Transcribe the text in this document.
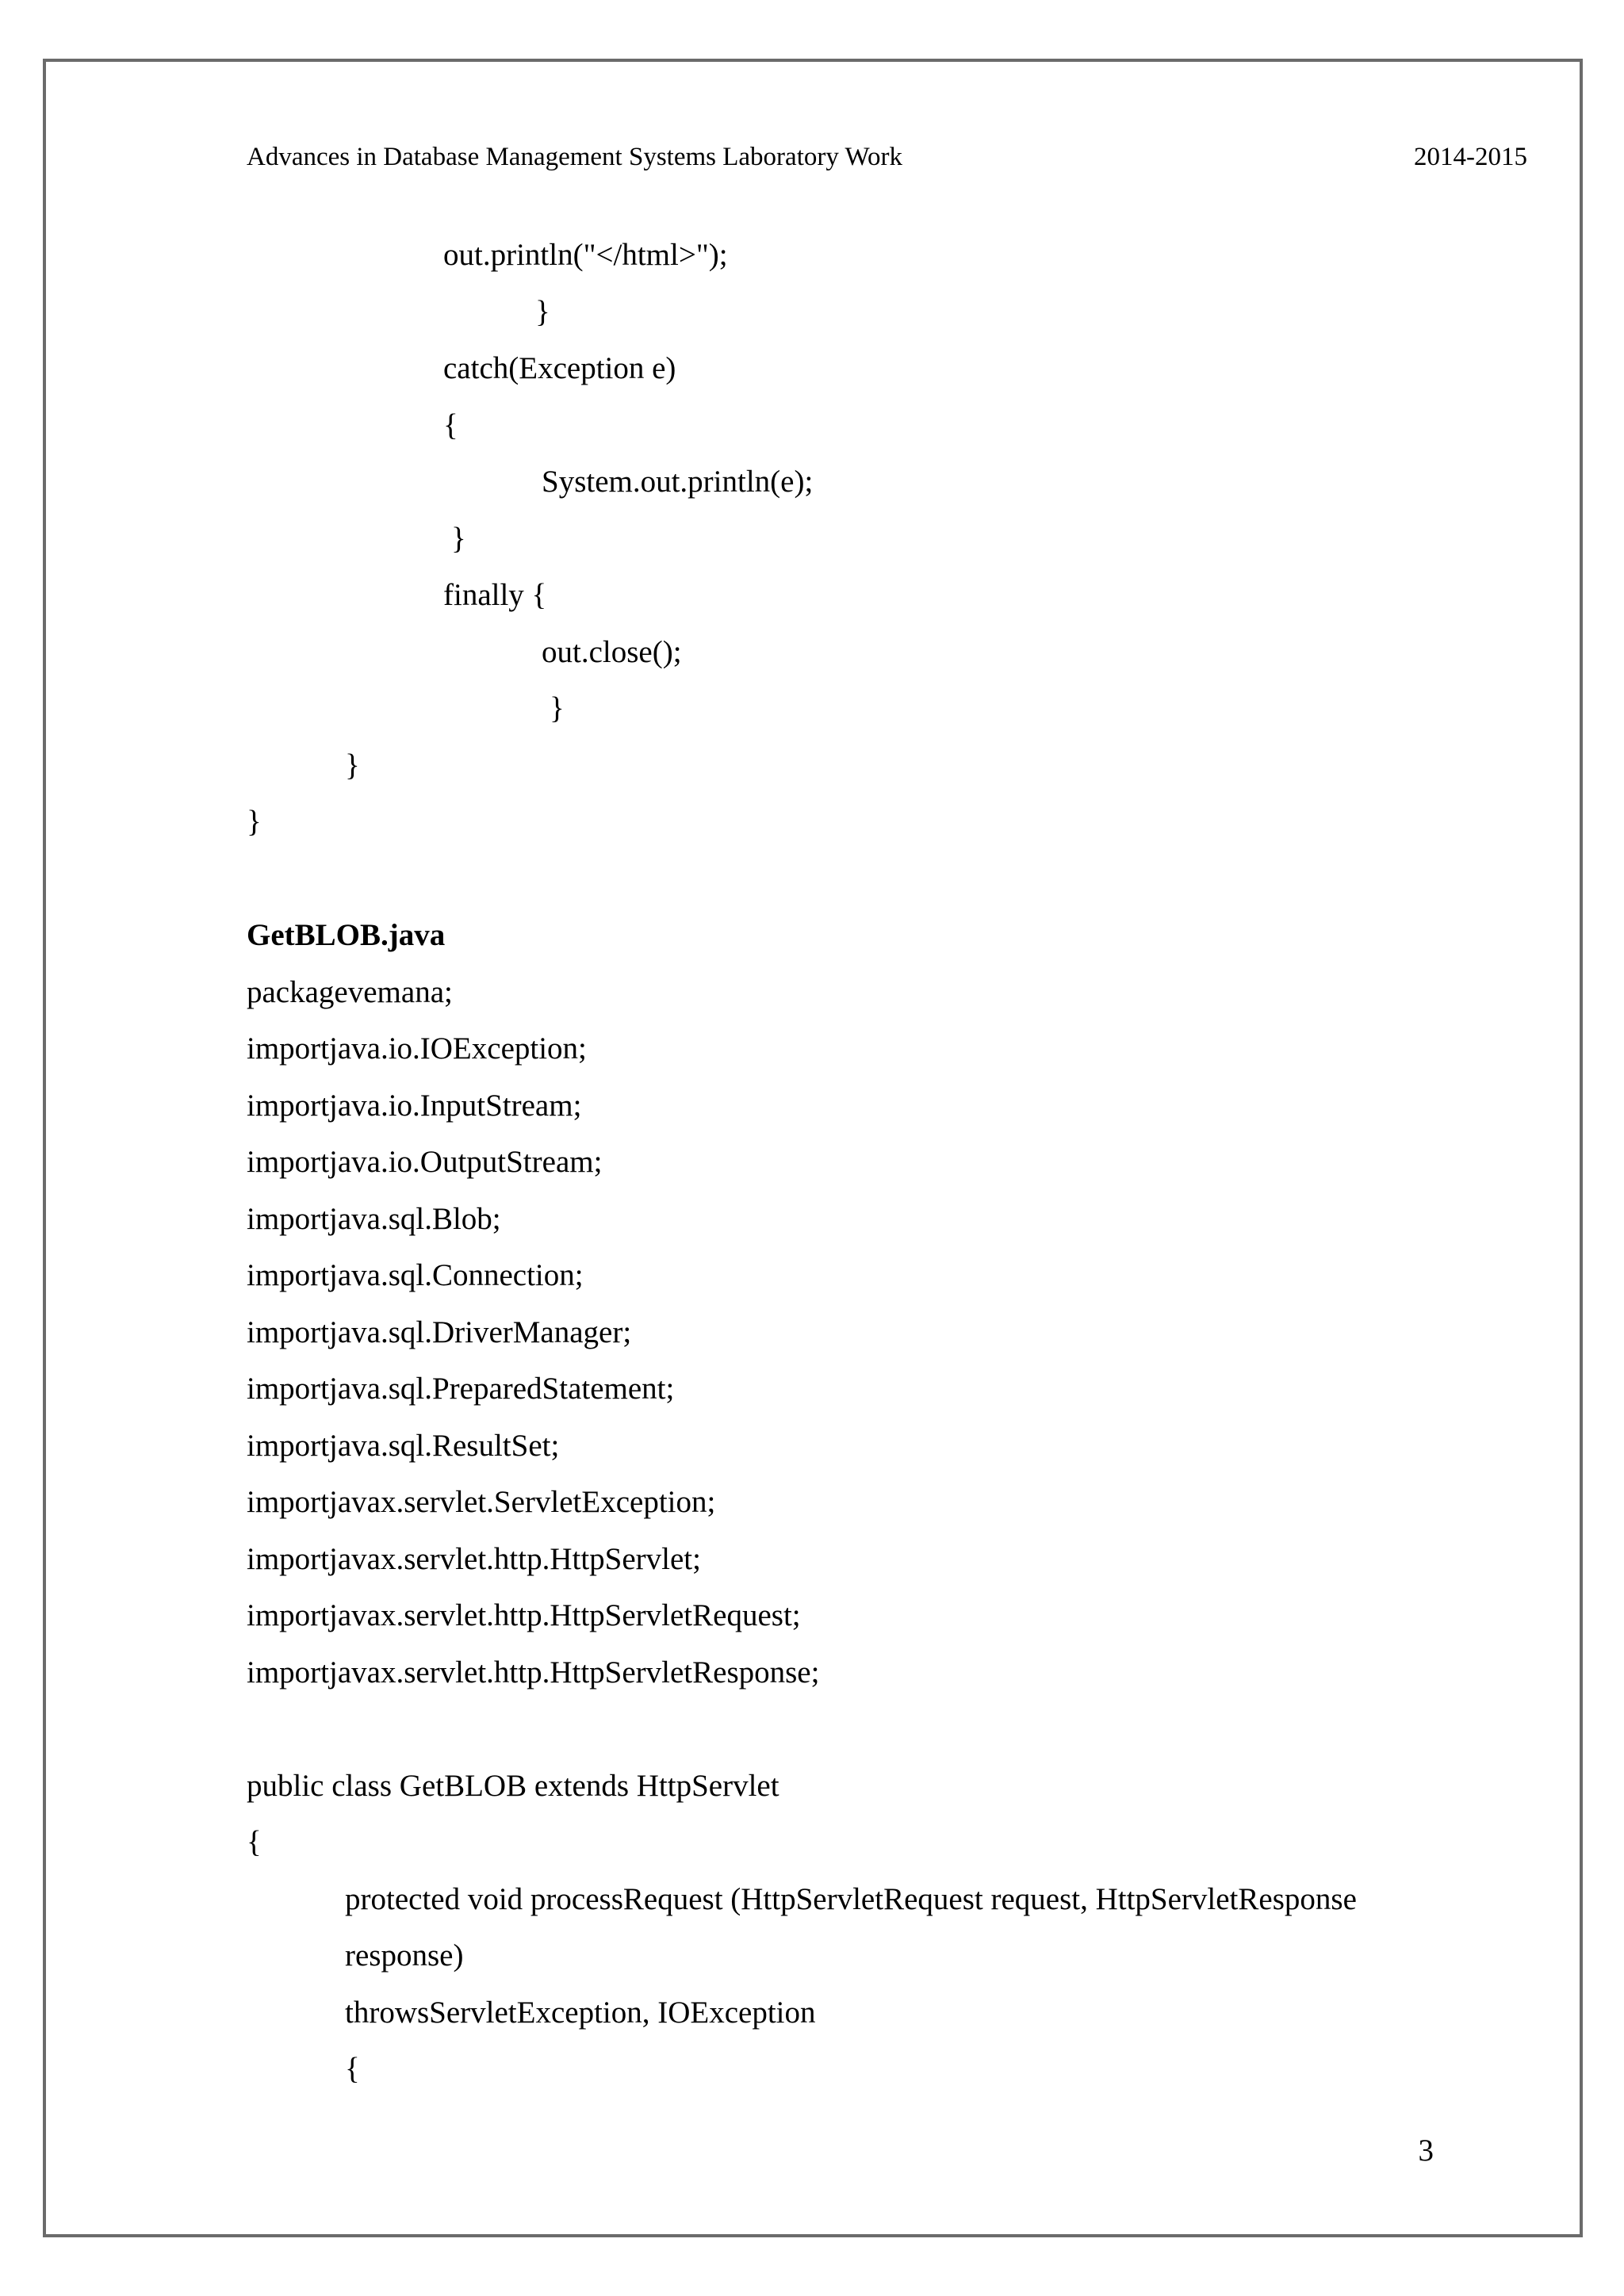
Advances in Database Management Systems Laboratory Work	2014-2015
out.println("</html>");
}
catch(Exception e)
{
System.out.println(e);
}
finally {
out.close();
}
}
}
GetBLOB.java
packagevemana;
importjava.io.IOException;
importjava.io.InputStream;
importjava.io.OutputStream;
importjava.sql.Blob;
importjava.sql.Connection;
importjava.sql.DriverManager;
importjava.sql.PreparedStatement;
importjava.sql.ResultSet;
importjavax.servlet.ServletException;
importjavax.servlet.http.HttpServlet;
importjavax.servlet.http.HttpServletRequest;
importjavax.servlet.http.HttpServletResponse;
public class GetBLOB extends HttpServlet
{
protected void processRequest (HttpServletRequest request, HttpServletResponse
response)
throwsServletException, IOException
{
3
